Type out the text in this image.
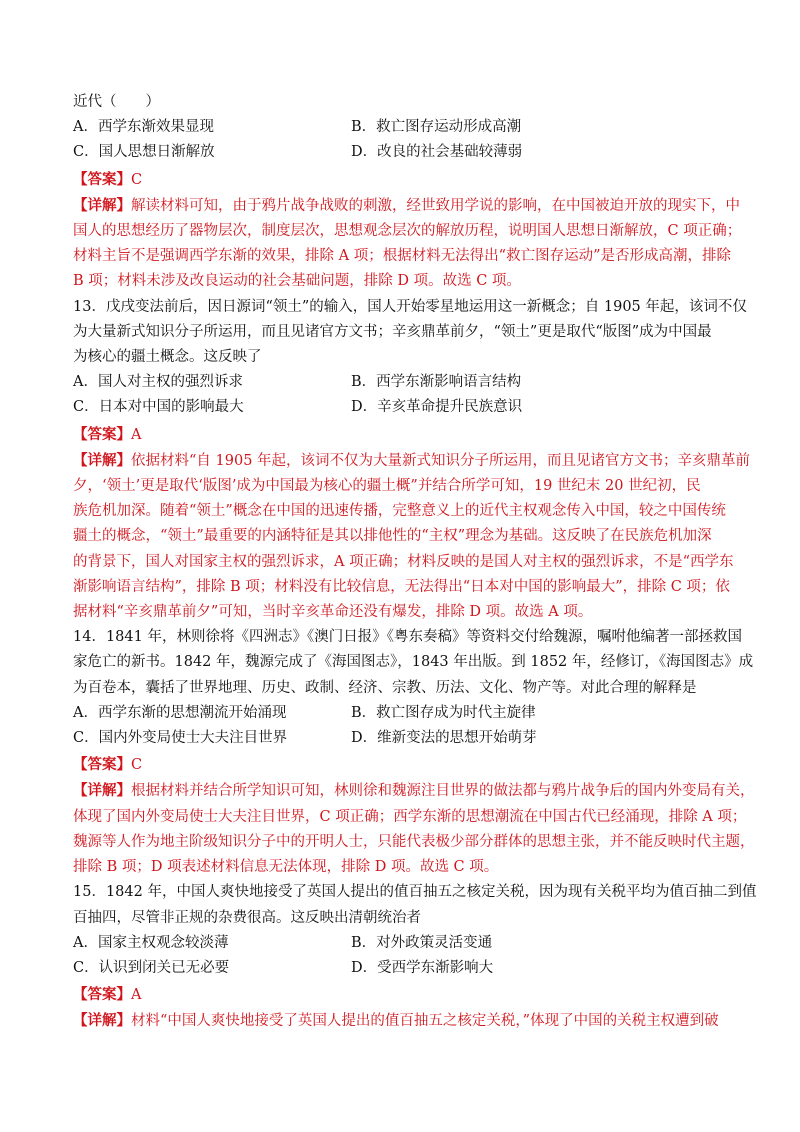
近代（　　）
A．西学东渐效果显现	B．救亡图存运动形成高潮
C．国人思想日渐解放	D．改良的社会基础较薄弱
【答案】C
【详解】解读材料可知，由于鸦片战争战败的刺激，经世致用学说的影响，在中国被迫开放的现实下，中
国人的思想经历了器物层次，制度层次，思想观念层次的解放历程，说明国人思想日渐解放，C 项正确；
材料主旨不是强调西学东渐的效果，排除 A 项；根据材料无法得出“救亡图存运动”是否形成高潮，排除
B 项；材料未涉及改良运动的社会基础问题，排除 D 项。故选 C 项。
13．戊戌变法前后，因日源词“领土”的输入，国人开始零星地运用这一新概念；自 1905 年起，该词不仅
为大量新式知识分子所运用，而且见诸官方文书；辛亥鼎革前夕，“领土”更是取代“版图”成为中国最
为核心的疆土概念。这反映了
A．国人对主权的强烈诉求	B．西学东渐影响语言结构
C．日本对中国的影响最大	D．辛亥革命提升民族意识
【答案】A
【详解】依据材料“自 1905 年起，该词不仅为大量新式知识分子所运用，而且见诸官方文书；辛亥鼎革前
夕，‘领土’更是取代‘版图’成为中国最为核心的疆土概”并结合所学可知，19 世纪末 20 世纪初，民
族危机加深。随着“领土”概念在中国的迅速传播，完整意义上的近代主权观念传入中国，较之中国传统
疆土的概念，“领土”最重要的内涵特征是其以排他性的“主权”理念为基础。这反映了在民族危机加深
的背景下，国人对国家主权的强烈诉求，A 项正确；材料反映的是国人对主权的强烈诉求，不是“西学东
渐影响语言结构”，排除 B 项；材料没有比较信息，无法得出“日本对中国的影响最大”，排除 C 项；依
据材料“辛亥鼎革前夕”可知，当时辛亥革命还没有爆发，排除 D 项。故选 A 项。
14．1841 年，林则徐将《四洲志》《澳门日报》《粤东奏稿》等资料交付给魏源，嘱咐他编著一部拯救国
家危亡的新书。1842 年，魏源完成了《海国图志》，1843 年出版。到 1852 年，经修订，《海国图志》成
为百卷本，囊括了世界地理、历史、政制、经济、宗教、历法、文化、物产等。对此合理的解释是
A．西学东渐的思想潮流开始涌现	B．救亡图存成为时代主旋律
C．国内外变局使士大夫注目世界	D．维新变法的思想开始萌芽
【答案】C
【详解】根据材料并结合所学知识可知，林则徐和魏源注目世界的做法都与鸦片战争后的国内外变局有关，
体现了国内外变局使士大夫注目世界，C 项正确；西学东渐的思想潮流在中国古代已经涌现，排除 A 项；
魏源等人作为地主阶级知识分子中的开明人士，只能代表极少部分群体的思想主张，并不能反映时代主题，
排除 B 项；D 项表述材料信息无法体现，排除 D 项。故选 C 项。
15．1842 年，中国人爽快地接受了英国人提出的值百抽五之核定关税，因为现有关税平均为值百抽二到值
百抽四，尽管非正规的杂费很高。这反映出清朝统治者
A．国家主权观念较淡薄	B．对外政策灵活变通
C．认识到闭关已无必要	D．受西学东渐影响大
【答案】A
【详解】材料“中国人爽快地接受了英国人提出的值百抽五之核定关税，”体现了中国的关税主权遭到破
